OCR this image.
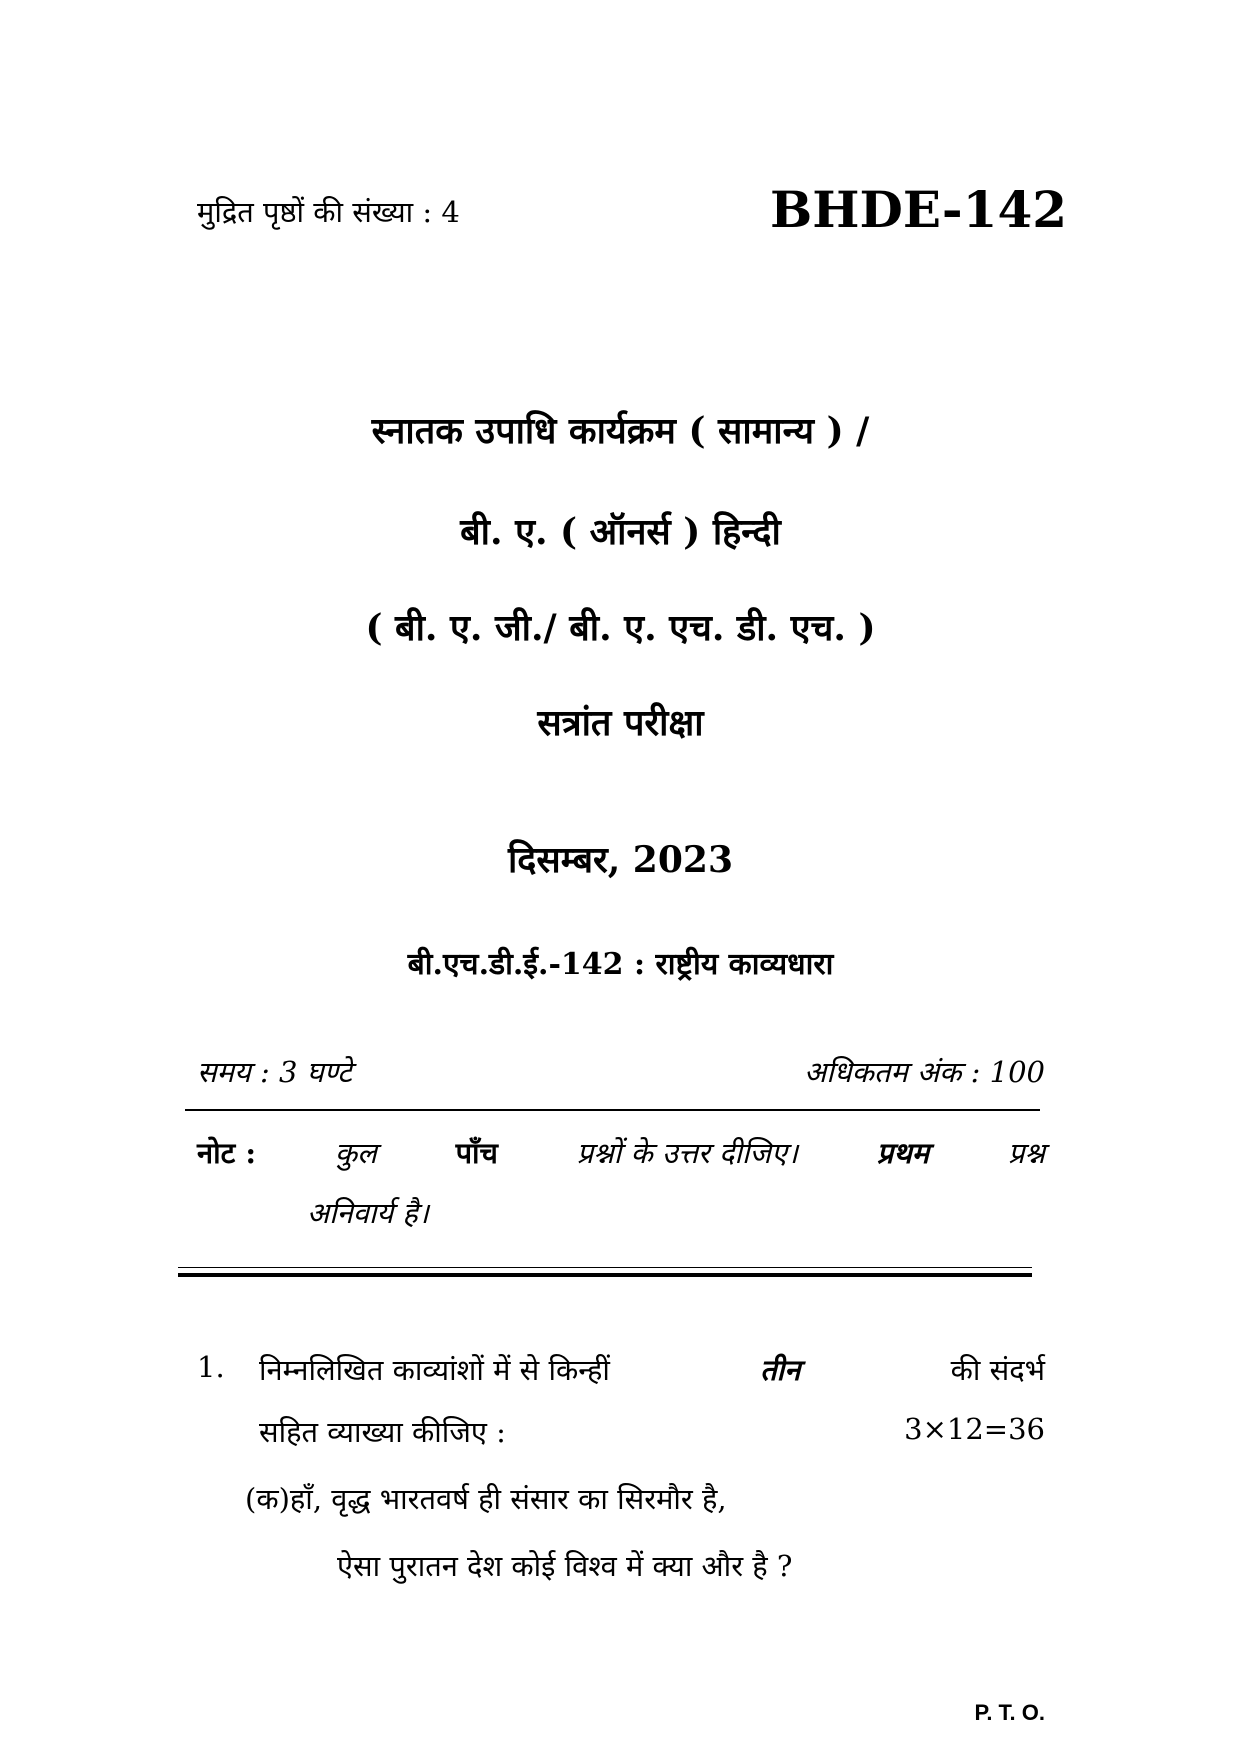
मुद्रित पृष्ठों की संख्या : 4	BHDE-142
स्नातक उपाधि कार्यक्रम ( सामान्य ) /
बी. ए. ( ऑनर्स ) हिन्दी
( बी. ए. जी./ बी. ए. एच. डी. एच. )
सत्रांत परीक्षा
दिसम्बर, 2023
बी.एच.डी.ई.-142 : राष्ट्रीय काव्यधारा
समय : 3 घण्टे	अधिकतम अंक : 100
नोट :	कुल	पाँच	प्रश्नों के उत्तर दीजिए।	प्रथम	प्रश्न
अनिवार्य है।
1. निम्नलिखित काव्यांशों में से किन्हीं	तीन	की संदर्भ
सहित व्याख्या कीजिए :	3×12=36
(क)हाँ, वृद्ध भारतवर्ष ही संसार का सिरमौर है,
ऐसा पुरातन देश कोई विश्व में क्या और है ?
P. T. O.
